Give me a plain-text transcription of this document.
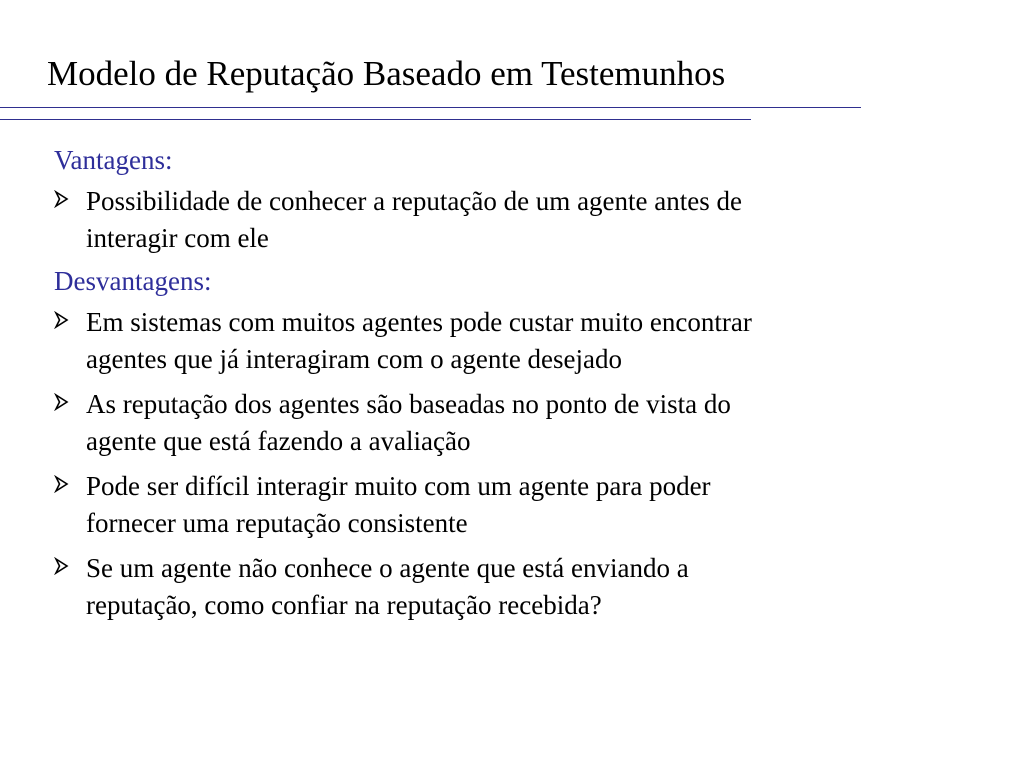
Modelo de Reputação Baseado em Testemunhos
Vantagens:
Possibilidade de conhecer a reputação de um agente antes de
interagir com ele
Desvantagens:
Em sistemas com muitos agentes pode custar muito encontrar
agentes que já interagiram com o agente desejado
As reputação dos agentes são baseadas no ponto de vista do
agente que está fazendo a avaliação
Pode ser difícil interagir muito com um agente para poder
fornecer uma reputação consistente
Se um agente não conhece o agente que está enviando a
reputação, como confiar na reputação recebida?
